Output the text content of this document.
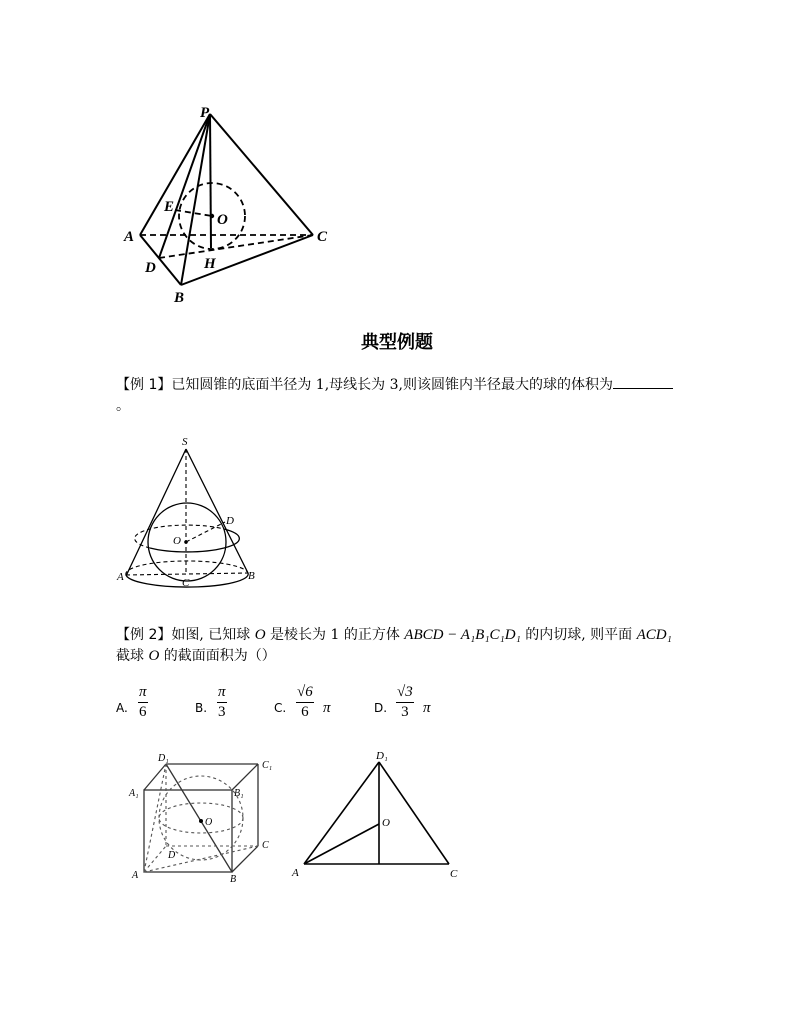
P
E
O
A	C
D	H
B
典型例题
【例 1】已知圆锥的底面半径为 1,母线长为 3,则该圆锥内半径最大的球的体积为。
S
D
O
A	C
B
【例 2】如图, 已知球 O 是棱长为 1 的正方体 ABCD − A₁B₁C₁D₁ 的内切球, 则平面 ACD₁
截球 O 的截面面积为（）
A.
π
6	B.
π
3	C.
√6
6 π	D.
√3
3 π
D₁
C₁
A₁	B₁
O
D
C
A	B
D₁
O
A	C
